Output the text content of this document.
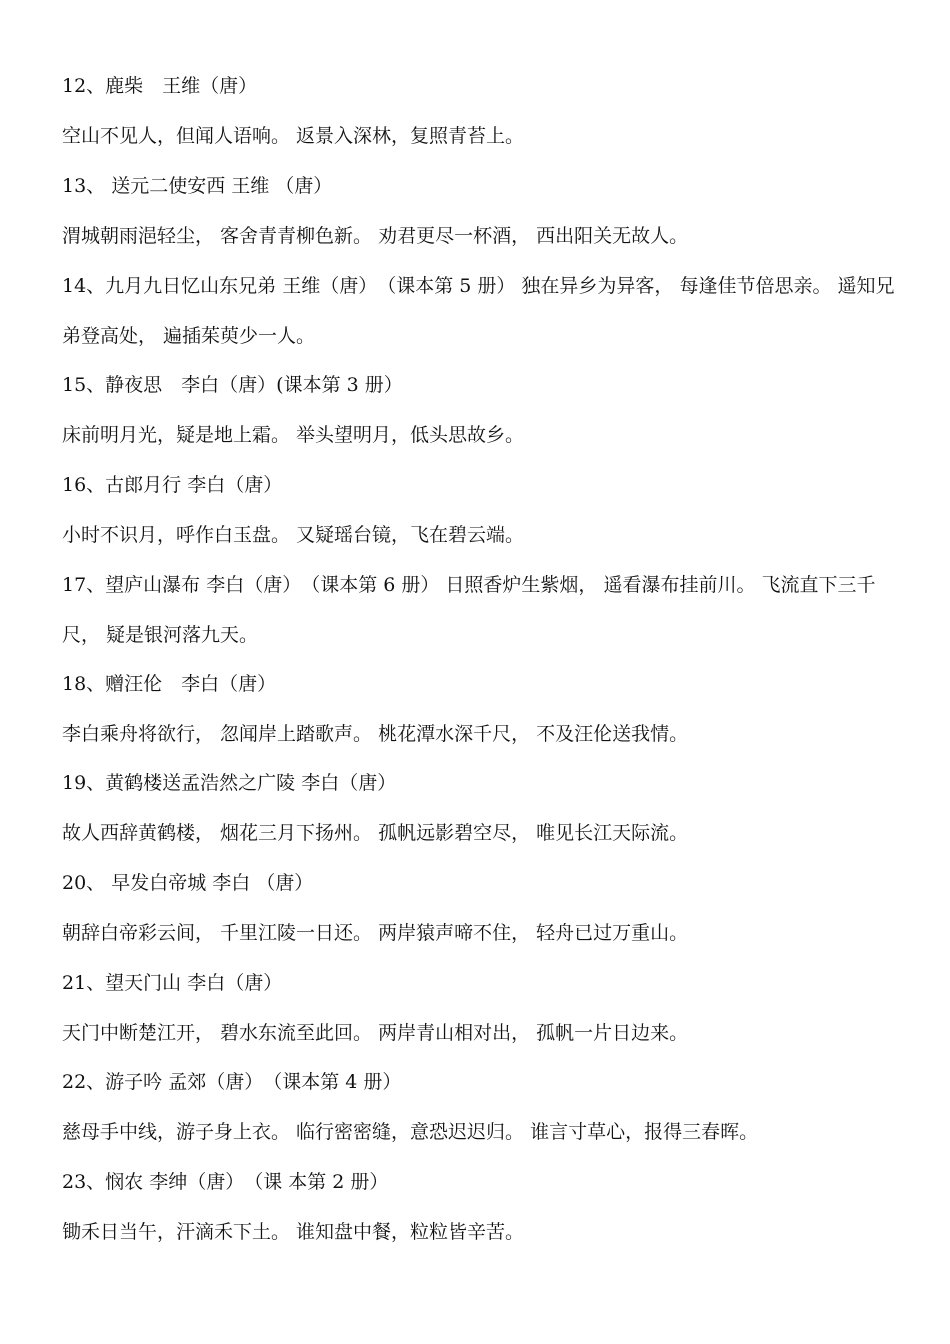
12、鹿柴　王维（唐）
空山不见人，但闻人语响。 返景入深林，复照青苔上。
13、 送元二使安西 王维 （唐）
渭城朝雨浥轻尘， 客舍青青柳色新。 劝君更尽一杯酒， 西出阳关无故人。
14、九月九日忆山东兄弟 王维（唐）　（课本第 5 册） 独在异乡为异客， 每逢佳节倍思亲。 遥知兄弟登高处， 遍插茱萸少一人。
15、静夜思　李白（唐）(课本第 3 册）
床前明月光，疑是地上霜。 举头望明月，低头思故乡。
16、古郎月行 李白（唐）
小时不识月，呼作白玉盘。 又疑瑶台镜，飞在碧云端。
17、望庐山瀑布 李白（唐）　（课本第 6 册） 日照香炉生紫烟， 遥看瀑布挂前川。 飞流直下三千尺， 疑是银河落九天。
18、赠汪伦　李白（唐）
李白乘舟将欲行， 忽闻岸上踏歌声。 桃花潭水深千尺， 不及汪伦送我情。
19、黄鹤楼送孟浩然之广陵 李白（唐）
故人西辞黄鹤楼， 烟花三月下扬州。 孤帆远影碧空尽， 唯见长江天际流。
20、 早发白帝城 李白 （唐）
朝辞白帝彩云间， 千里江陵一日还。 两岸猿声啼不住， 轻舟已过万重山。
21、望天门山 李白（唐）
天门中断楚江开， 碧水东流至此回。 两岸青山相对出， 孤帆一片日边来。
22、游子吟 孟郊（唐）　（课本第 4 册）
慈母手中线，游子身上衣。 临行密密缝，意恐迟迟归。 谁言寸草心，报得三春晖。
23、悯农 李绅（唐）　（课 本第 2 册）
锄禾日当午，汗滴禾下土。 谁知盘中餐，粒粒皆辛苦。
